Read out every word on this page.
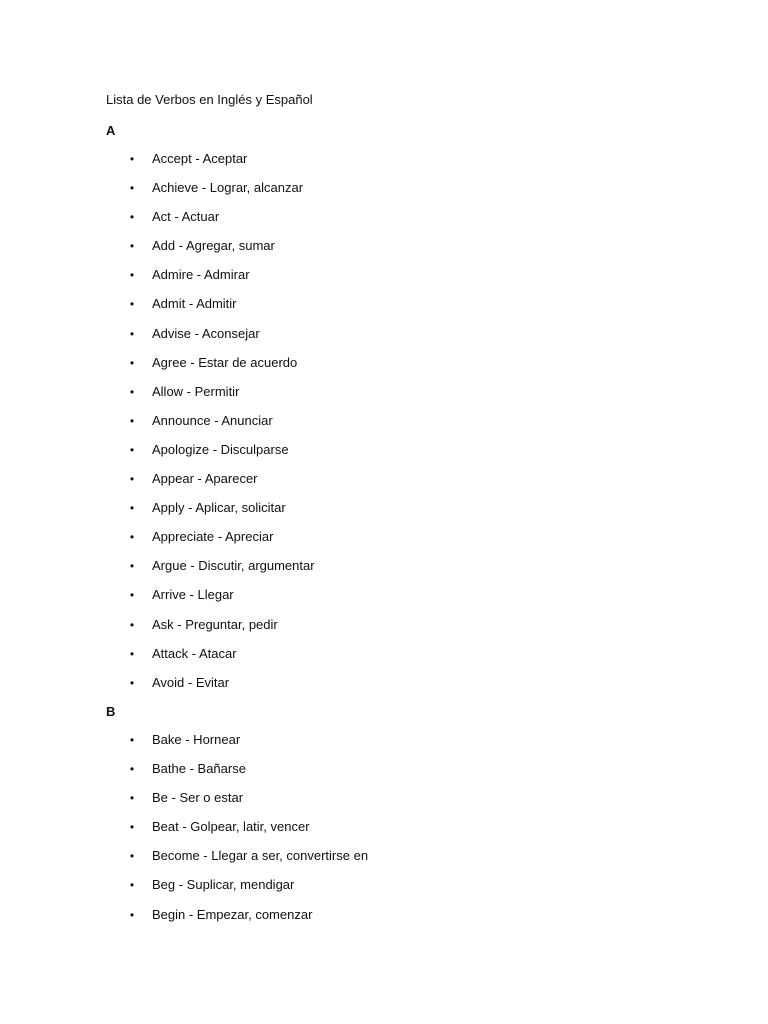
Lista de Verbos en Inglés y Español
A
• Accept - Aceptar
• Achieve - Lograr, alcanzar
• Act - Actuar
• Add - Agregar, sumar
• Admire - Admirar
• Admit - Admitir
• Advise - Aconsejar
• Agree - Estar de acuerdo
• Allow - Permitir
• Announce - Anunciar
• Apologize - Disculparse
• Appear - Aparecer
• Apply - Aplicar, solicitar
• Appreciate - Apreciar
• Argue - Discutir, argumentar
• Arrive - Llegar
• Ask - Preguntar, pedir
• Attack - Atacar
• Avoid - Evitar
B
• Bake - Hornear
• Bathe - Bañarse
• Be - Ser o estar
• Beat - Golpear, latir, vencer
• Become - Llegar a ser, convertirse en
• Beg - Suplicar, mendigar
• Begin - Empezar, comenzar
